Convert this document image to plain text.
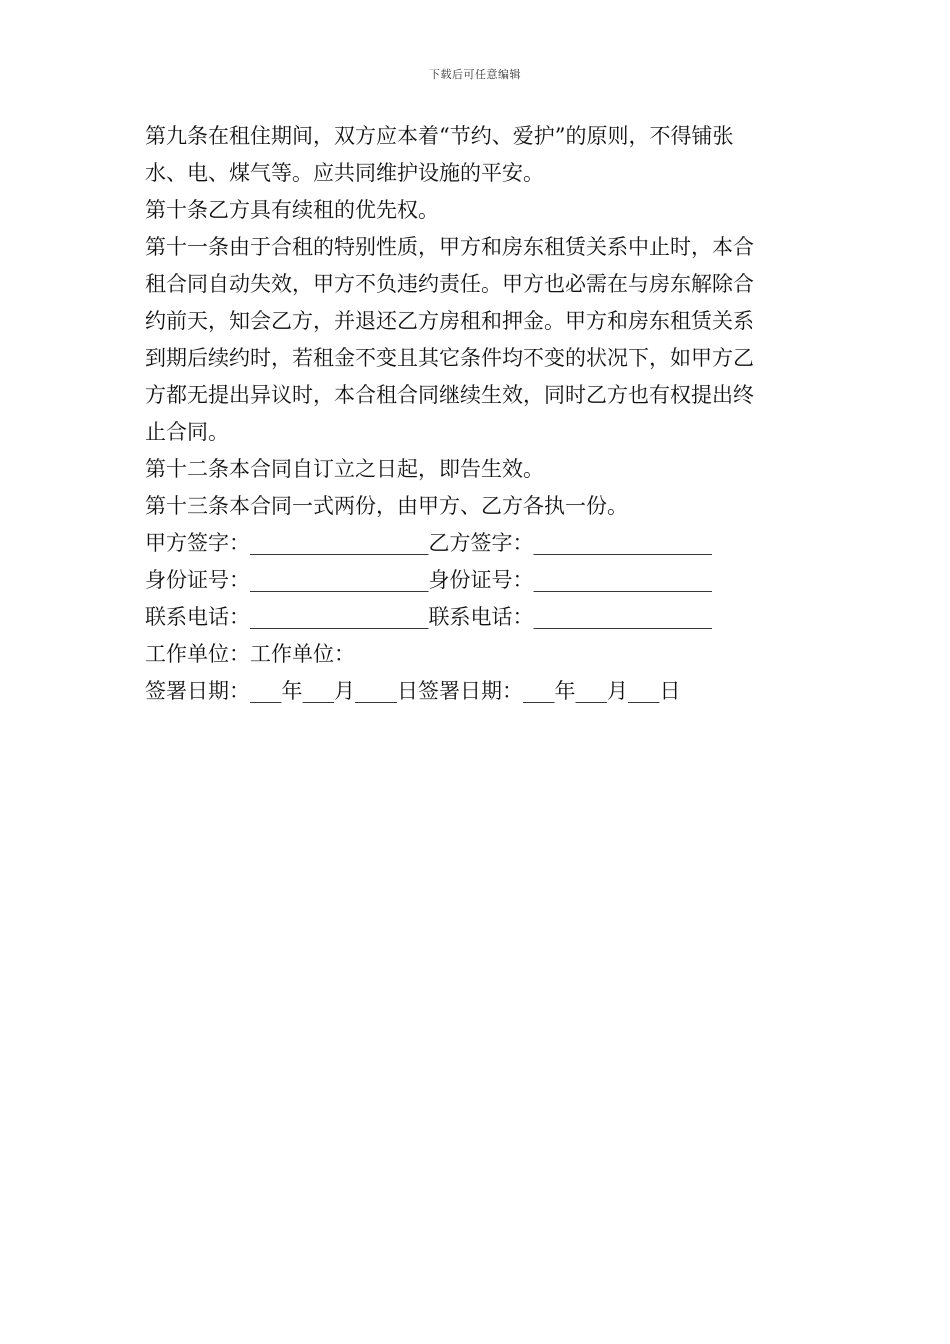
下载后可任意编辑
第九条在租住期间，双方应本着“节约、爱护”的原则，不得铺张
水、电、煤气等。应共同维护设施的平安。
第十条乙方具有续租的优先权。
第十一条由于合租的特别性质，甲方和房东租赁关系中止时，本合
租合同自动失效，甲方不负违约责任。甲方也必需在与房东解除合
约前天，知会乙方，并退还乙方房租和押金。甲方和房东租赁关系
到期后续约时，若租金不变且其它条件均不变的状况下，如甲方乙
方都无提出异议时，本合租合同继续生效，同时乙方也有权提出终
止合同。
第十二条本合同自订立之日起，即告生效。
第十三条本合同一式两份，由甲方、乙方各执一份。
甲方签字：_________________乙方签字：_________________
身份证号：_________________身份证号：_________________
联系电话：_________________联系电话：_________________
工作单位：工作单位：
签署日期：___年___月____日签署日期：___年___月___日
